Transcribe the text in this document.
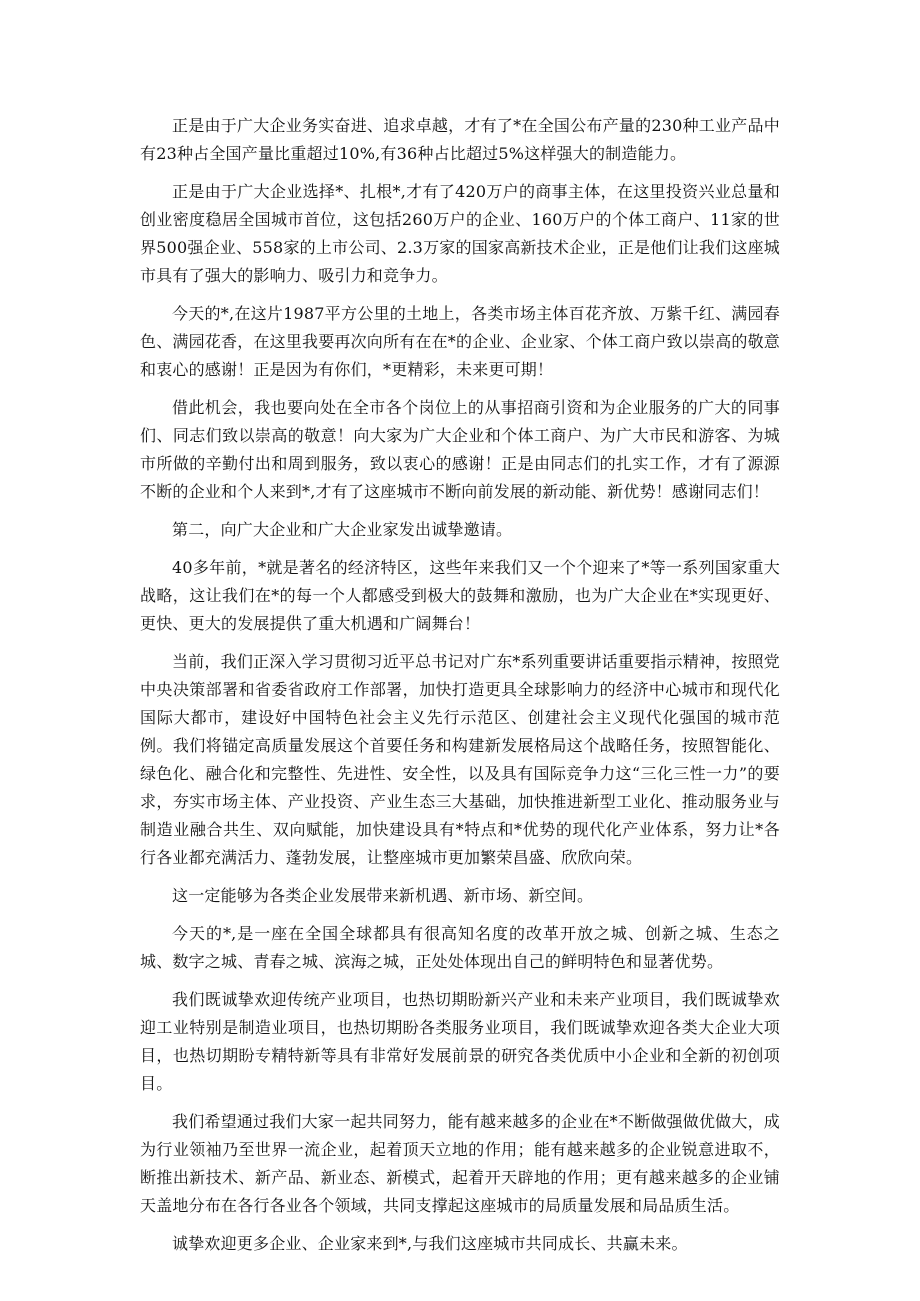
正是由于广大企业务实奋进、追求卓越，才有了*在全国公布产量的230种工业产品中有23种占全国产量比重超过10%,有36种占比超过5%这样强大的制造能力。

正是由于广大企业选择*、扎根*,才有了420万户的商事主体，在这里投资兴业总量和创业密度稳居全国城市首位，这包括260万户的企业、160万户的个体工商户、11家的世界500强企业、558家的上市公司、2.3万家的国家高新技术企业，正是他们让我们这座城市具有了强大的影响力、吸引力和竞争力。

今天的*,在这片1987平方公里的土地上，各类市场主体百花齐放、万紫千红、满园春色、满园花香，在这里我要再次向所有在在*的企业、企业家、个体工商户致以崇高的敬意和衷心的感谢！正是因为有你们，*更精彩，未来更可期！

借此机会，我也要向处在全市各个岗位上的从事招商引资和为企业服务的广大的同事们、同志们致以崇高的敬意！向大家为广大企业和个体工商户、为广大市民和游客、为城市所做的辛勤付出和周到服务，致以衷心的感谢！正是由同志们的扎实工作，才有了源源不断的企业和个人来到*,才有了这座城市不断向前发展的新动能、新优势！感谢同志们！

第二，向广大企业和广大企业家发出诚挚邀请。

40多年前，*就是著名的经济特区，这些年来我们又一个个迎来了*等一系列国家重大战略，这让我们在*的每一个人都感受到极大的鼓舞和激励，也为广大企业在*实现更好、更快、更大的发展提供了重大机遇和广阔舞台！

当前，我们正深入学习贯彻习近平总书记对广东*系列重要讲话重要指示精神，按照党中央决策部署和省委省政府工作部署，加快打造更具全球影响力的经济中心城市和现代化国际大都市，建设好中国特色社会主义先行示范区、创建社会主义现代化强国的城市范例。我们将锚定高质量发展这个首要任务和构建新发展格局这个战略任务，按照智能化、绿色化、融合化和完整性、先进性、安全性，以及具有国际竞争力这“三化三性一力”的要求，夯实市场主体、产业投资、产业生态三大基础，加快推进新型工业化、推动服务业与制造业融合共生、双向赋能，加快建设具有*特点和*优势的现代化产业体系，努力让*各行各业都充满活力、蓬勃发展，让整座城市更加繁荣昌盛、欣欣向荣。

这一定能够为各类企业发展带来新机遇、新市场、新空间。

今天的*,是一座在全国全球都具有很高知名度的改革开放之城、创新之城、生态之城、数字之城、青春之城、滨海之城，正处处体现出自己的鲜明特色和显著优势。

我们既诚挚欢迎传统产业项目，也热切期盼新兴产业和未来产业项目，我们既诚挚欢迎工业特别是制造业项目，也热切期盼各类服务业项目，我们既诚挚欢迎各类大企业大项目，也热切期盼专精特新等具有非常好发展前景的研究各类优质中小企业和全新的初创项目。

我们希望通过我们大家一起共同努力，能有越来越多的企业在*不断做强做优做大，成为行业领袖乃至世界一流企业，起着顶天立地的作用；能有越来越多的企业锐意进取不，断推出新技术、新产品、新业态、新模式，起着开天辟地的作用；更有越来越多的企业铺天盖地分布在各行各业各个领域，共同支撑起这座城市的局质量发展和局品质生活。

诚挚欢迎更多企业、企业家来到*,与我们这座城市共同成长、共赢未来。
